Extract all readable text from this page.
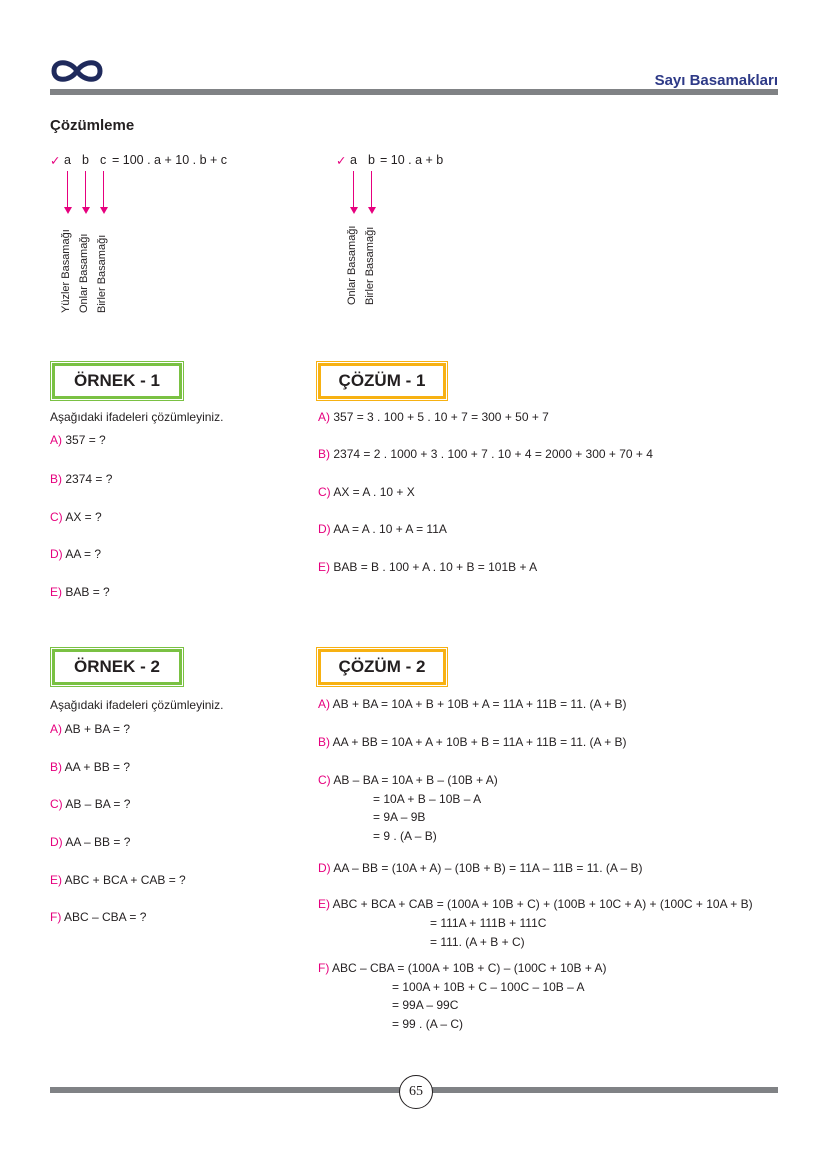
Sayı Basamakları
Çözümleme
✓ a b c = 100 . a + 10 . b + c
Yüzler Basamağı Onlar Basamağı Birler Basamağı
✓ a b = 10 . a + b
Onlar Basamağı Birler Basamağı
ÖRNEK - 1
Aşağıdaki ifadeleri çözümleyiniz.
A) 357 = ?
B) 2374 = ?
C) AX = ?
D) AA = ?
E) BAB = ?
ÇÖZÜM - 1
A) 357 = 3 . 100 + 5 . 10 + 7 = 300 + 50 + 7
B) 2374 = 2 . 1000 + 3 . 100 + 7 . 10 + 4 = 2000 + 300 + 70 + 4
C) AX = A . 10 + X
D) AA = A . 10 + A = 11A
E) BAB = B . 100 + A . 10 + B = 101B + A
ÖRNEK - 2
Aşağıdaki ifadeleri çözümleyiniz.
A) AB + BA = ?
B) AA + BB = ?
C) AB – BA = ?
D) AA – BB = ?
E) ABC + BCA + CAB = ?
F) ABC – CBA = ?
ÇÖZÜM - 2
A) AB + BA = 10A + B + 10B + A = 11A + 11B = 11. (A + B)
B) AA + BB = 10A + A + 10B + B = 11A + 11B = 11. (A + B)
C) AB – BA = 10A + B – (10B + A)
= 10A + B – 10B – A
= 9A – 9B
= 9 . (A – B)
D) AA – BB = (10A + A) – (10B + B) = 11A – 11B = 11. (A – B)
E) ABC + BCA + CAB = (100A + 10B + C) + (100B + 10C + A) + (100C + 10A + B)
= 111A + 111B + 111C
= 111. (A + B + C)
F) ABC – CBA = (100A + 10B + C) – (100C + 10B + A)
= 100A + 10B + C – 100C – 10B – A
= 99A – 99C
= 99 . (A – C)
65
